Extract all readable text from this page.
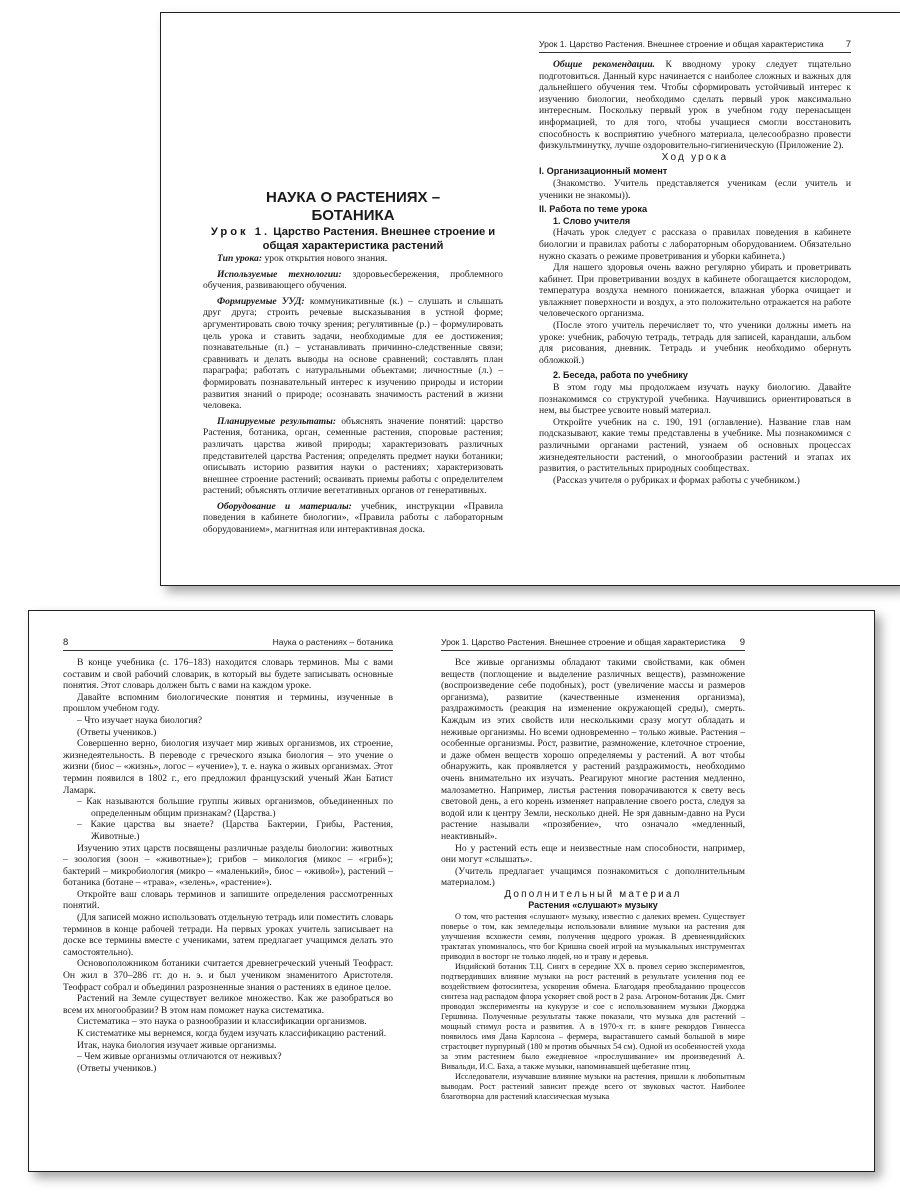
НАУКА О РАСТЕНИЯХ –

БОТАНИКА

Урок 1. Царство Растения. Внешнее строение и общая характеристика растений

Тип урока: урок открытия нового знания.

Используемые технологии: здоровьесбережения, проблемного обучения, развивающего обучения.

Формируемые УУД: коммуникативные (к.) – слушать и слышать друг друга; строить речевые высказывания в устной форме; аргументировать свою точку зрения; регулятивные (р.) – формулировать цель урока и ставить задачи, необходимые для ее достижения; познавательные (п.) – устанавливать причинно-следственные связи; сравнивать и делать выводы на основе сравнений; составлять план параграфа; работать с натуральными объектами; личностные (л.) – формировать познавательный интерес к изучению природы и истории развития знаний о природе; осознавать значимость растений в жизни человека.

Планируемые результаты: объяснять значение понятий: царство Растения, ботаника, орган, семенные растения, споровые растения; различать царства живой природы; характеризовать различных представителей царства Растения; определять предмет науки ботаники; описывать историю развития науки о растениях; характеризовать внешнее строение растений; осваивать приемы работы с определителем растений; объяснять отличие вегетативных органов от генеративных.

Оборудование и материалы: учебник, инструкции «Правила поведения в кабинете биологии», «Правила работы с лабораторным оборудованием», магнитная или интерактивная доска.

Урок 1. Царство Растения. Внешнее строение и общая характеристика 7

Общие рекомендации. К вводному уроку следует тщательно подготовиться. Данный курс начинается с наиболее сложных и важных для дальнейшего обучения тем. Чтобы сформировать устойчивый интерес к изучению биологии, необходимо сделать первый урок максимально интересным. Поскольку первый урок в учебном году перенасыщен информацией, то для того, чтобы учащиеся смогли восстановить способность к восприятию учебного материала, целесообразно провести физкультминутку, лучше оздоровительно-гигиеническую (Приложение 2).

Ход урока

I. Организационный момент

(Знакомство. Учитель представляется ученикам (если учитель и ученики не знакомы)).

II. Работа по теме урока

1. Слово учителя

(Начать урок следует с рассказа о правилах поведения в кабинете биологии и правилах работы с лабораторным оборудованием. Обязательно нужно сказать о режиме проветривания и уборки кабинета.)

Для нашего здоровья очень важно регулярно убирать и проветривать кабинет. При проветривании воздух в кабинете обогащается кислородом, температура воздуха немного понижается, влажная уборка очищает и увлажняет поверхности и воздух, а это положительно отражается на работе человеческого организма.

(После этого учитель перечисляет то, что ученики должны иметь на уроке: учебник, рабочую тетрадь, тетрадь для записей, карандаши, альбом для рисования, дневник. Тетрадь и учебник необходимо обернуть обложкой.)

2. Беседа, работа по учебнику

В этом году мы продолжаем изучать науку биологию. Давайте познакомимся со структурой учебника. Научившись ориентироваться в нем, вы быстрее усвоите новый материал.

Откройте учебник на с. 190, 191 (оглавление). Название глав нам подсказывают, какие темы представлены в учебнике. Мы познакомимся с различными органами растений, узнаем об основных процессах жизнедеятельности растений, о многообразии растений и этапах их развития, о растительных природных сообществах.

(Рассказ учителя о рубриках и формах работы с учебником.)

8	Наука о растениях – ботаника

В конце учебника (с. 176–183) находится словарь терминов. Мы с вами составим и свой рабочий словарик, в который вы будете записывать основные понятия. Этот словарь должен быть с вами на каждом уроке.

Давайте вспомним биологические понятия и термины, изученные в прошлом учебном году.

– Что изучает наука биология?

(Ответы учеников.)

Совершенно верно, биология изучает мир живых организмов, их строение, жизнедеятельность. В переводе с греческого языка биология – это учение о жизни (биос – «жизнь», логос – «учение»), т. е. наука о живых организмах. Этот термин появился в 1802 г., его предложил французский ученый Жан Батист Ламарк.

– Как называются большие группы живых организмов, объединенных по определенным общим признакам? (Царства.)

– Какие царства вы знаете? (Царства Бактерии, Грибы, Растения, Животные.)

Изучению этих царств посвящены различные разделы биологии: животных – зоология (зоон – «животные»); грибов – микология (микос – «гриб»); бактерий – микробиология (микро – «маленький», биос – «живой»), растений – ботаника (ботане – «трава», «зелень», «растение»).

Откройте ваш словарь терминов и запишите определения рассмотренных понятий.

(Для записей можно использовать отдельную тетрадь или поместить словарь терминов в конце рабочей тетради. На первых уроках учитель записывает на доске все термины вместе с учениками, затем предлагает учащимся делать это самостоятельно).

Основоположником ботаники считается древнегреческий ученый Теофраст. Он жил в 370–286 гг. до н. э. и был учеником знаменитого Аристотеля. Теофраст собрал и объединил разрозненные знания о растениях в единое целое.

Растений на Земле существует великое множество. Как же разобраться во всем их многообразии? В этом нам поможет наука систематика.

Систематика – это наука о разнообразии и классификации организмов.

К систематике мы вернемся, когда будем изучать классификацию растений.

Итак, наука биология изучает живые организмы.

– Чем живые организмы отличаются от неживых?

(Ответы учеников.)

Урок 1. Царство Растения. Внешнее строение и общая характеристика 9

Все живые организмы обладают такими свойствами, как обмен веществ (поглощение и выделение различных веществ), размножение (воспроизведение себе подобных), рост (увеличение массы и размеров организма), развитие (качественные изменения организма), раздражимость (реакция на изменение окружающей среды), смерть. Каждым из этих свойств или несколькими сразу могут обладать и неживые организмы. Но всеми одновременно – только живые. Растения – особенные организмы. Рост, развитие, размножение, клеточное строение, и даже обмен веществ хорошо определяемы у растений. А вот чтобы обнаружить, как проявляется у растений раздражимость, необходимо очень внимательно их изучать. Реагируют многие растения медленно, малозаметно. Например, листья растения поворачиваются к свету весь световой день, а его корень изменяет направление своего роста, следуя за водой или к центру Земли, несколько дней. Не зря давным-давно на Руси растение называли «прозябение», что означало «медленный, неактивный».

Но у растений есть еще и неизвестные нам способности, например, они могут «слышать».

(Учитель предлагает учащимся познакомиться с дополнительным материалом.)

Дополнительный материал

Растения «слушают» музыку

О том, что растения «слушают» музыку, известно с далеких времен. Существует поверье о том, как земледельцы использовали влияние музыки на растения для улучшения всхожести семян, получения щедрого урожая. В древнеиндийских трактатах упоминалось, что бог Кришна своей игрой на музыкальных инструментах приводил в восторг не только людей, но и траву и деревья.

Индийский ботаник Т.Ц. Сингх в середине XX в. провел серию экспериментов, подтвердивших влияние музыки на рост растений в результате усиления под ее воздействием фотосинтеза, ускорения обмена. Благодаря преобладанию процессов синтеза над распадом флора ускоряет свой рост в 2 раза. Агроном-ботаник Дж. Смит проводил эксперименты на кукурузе и сое с использованием музыки Джорджа Гершвина. Полученные результаты также показали, что музыка для растений – мощный стимул роста и развития. А в 1970-х гг. в книге рекордов Гиннесса появилось имя Дана Карлсона – фермера, выраставшего самый большой в мире страстоцвет пурпурный (180 м против обычных 54 см). Одной из особенностей ухода за этим растением было ежедневное «прослушивание» им произведений А. Вивальди, И.С. Баха, а также музыки, напоминавшей щебетание птиц.

Исследователи, изучавшие влияние музыки на растения, пришли к любопытным выводам. Рост растений зависит прежде всего от звуковых частот. Наиболее благотворна для растений классическая музыка
